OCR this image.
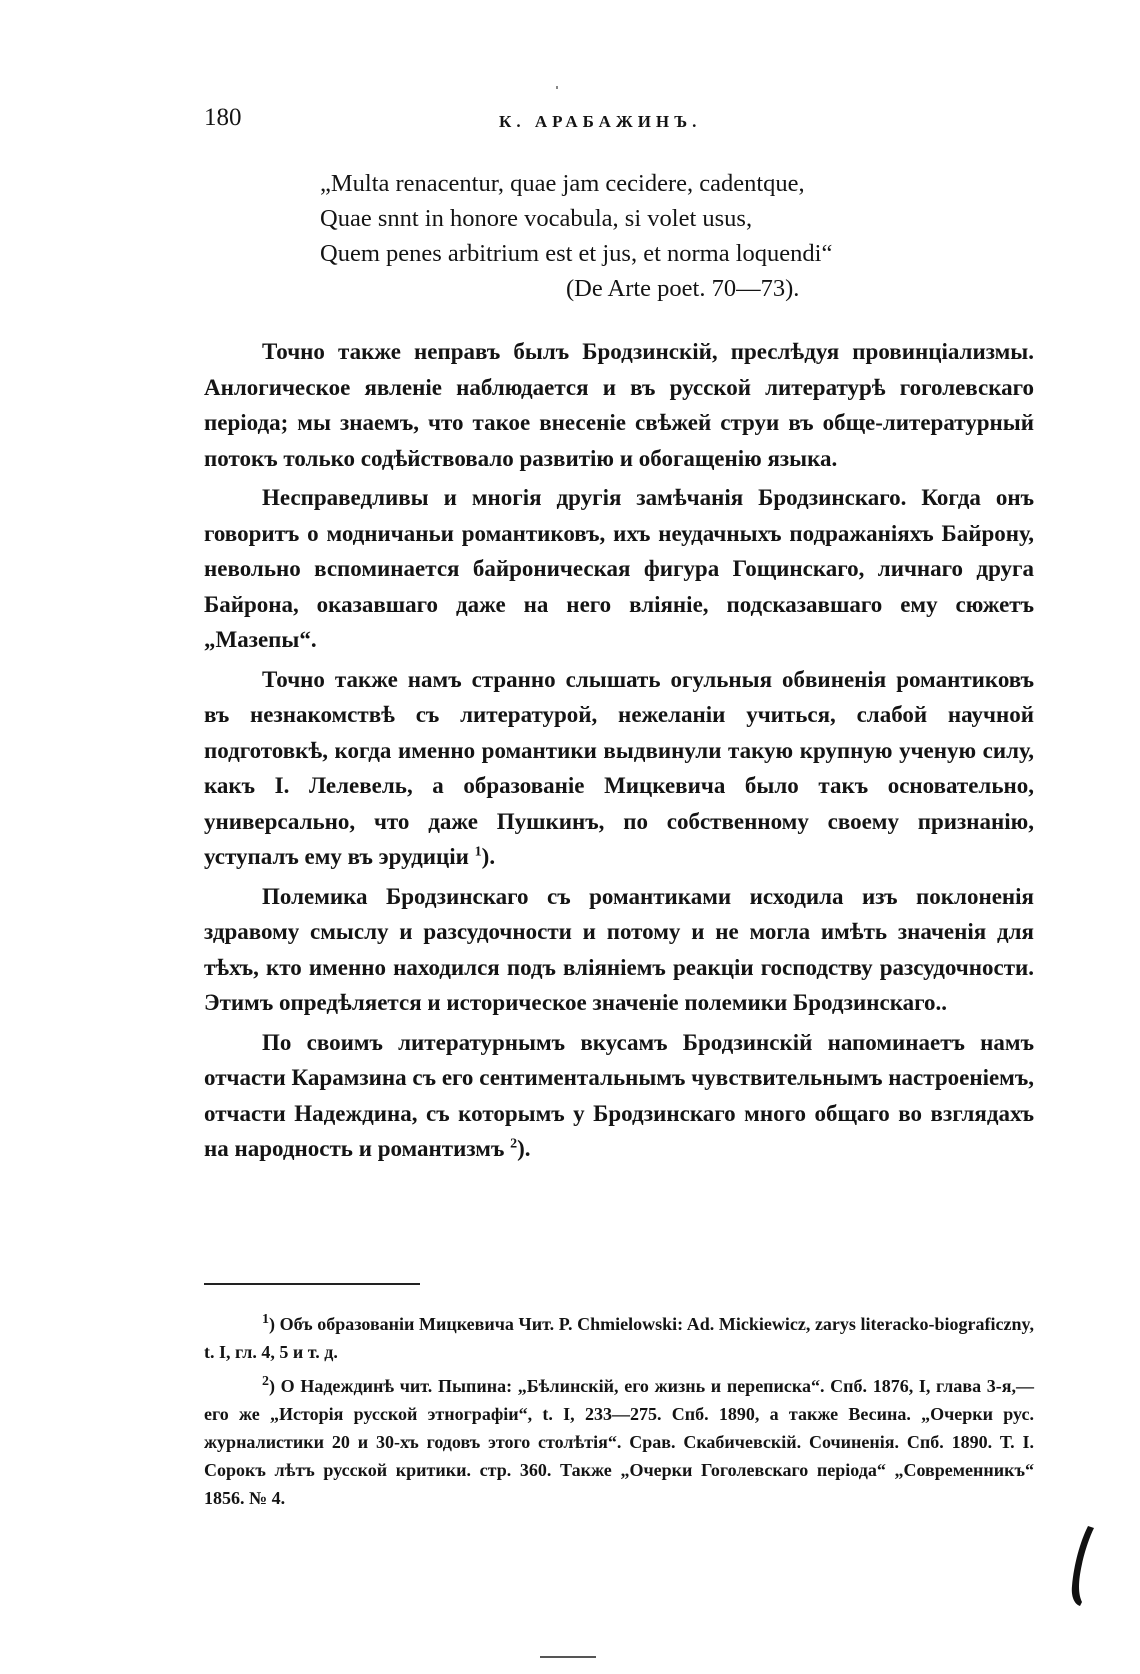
180	К. АРАБАЖИНЪ.
„Multa renacentur, quae jam cecidere, cadentque,
Quae snnt in honore vocabula, si volet usus,
Quem penes arbitrium est et jus, et norma loquendi“
(De Arte poet. 70—73).

Точно также неправъ былъ Бродзинскій, преслѣдуя провинціализмы. Анлогическое явленіе наблюдается и въ русской литературѣ гоголевскаго періода; мы знаемъ, что такое внесеніе свѣжей струи въ обще-литературный потокъ только содѣйствовало развитію и обогащенію языка.

Несправедливы и многія другія замѣчанія Бродзинскаго. Когда онъ говоритъ о модничаньи романтиковъ, ихъ неудачныхъ подражаніяхъ Байрону, невольно вспоминается байроническая фигура Гощинскаго, личнаго друга Байрона, оказавшаго даже на него вліяніе, подсказавшаго ему сюжетъ „Мазепы“.

Точно также намъ странно слышать огульныя обвиненія романтиковъ въ незнакомствѣ съ литературой, нежеланіи учиться, слабой научной подготовкѣ, когда именно романтики выдвинули такую крупную ученую силу, какъ І. Лелевель, а образованіе Мицкевича было такъ основательно, универсально, что даже Пушкинъ, по собственному своему признанію, уступалъ ему въ эрудиціи $^1$).

Полемика Бродзинскаго съ романтиками исходила изъ поклоненія здравому смыслу и разсудочности и потому и не могла имѣть значенія для тѣхъ, кто именно находился подъ вліяніемъ реакціи господству разсудочности. Этимъ опредѣляется и историческое значеніе полемики Бродзинскаго..

По своимъ литературнымъ вкусамъ Бродзинскій напоминаетъ намъ отчасти Карамзина съ его сентиментальнымъ чувствительнымъ настроеніемъ, отчасти Надеждина, съ которымъ у Бродзинскаго много общаго во взглядахъ на народность и романтизмъ $^2$).

$^1$) Объ образованіи Мицкевича Чит. P. Chmielowski: Ad. Mickiewicz, zarys literacko-biograficzny, t. I, гл. 4, 5 и т. д.

$^2$) О Надеждинѣ чит. Пыпина: „Бѣлинскій, его жизнь и переписка“. Спб. 1876, I, глава 3-я,—его же „Исторія русской этнографіи“, t. I, 233—275. Спб. 1890, а также Весина. „Очерки рус. журналистики 20 и 30-хъ годовъ этого столѣтія“. Срав. Скабичевскій. Сочиненія. Спб. 1890. Т. I. Сорокъ лѣтъ русской критики. стр. 360. Также „Очерки Гоголевскаго періода“ „Современникъ“ 1856. № 4.
